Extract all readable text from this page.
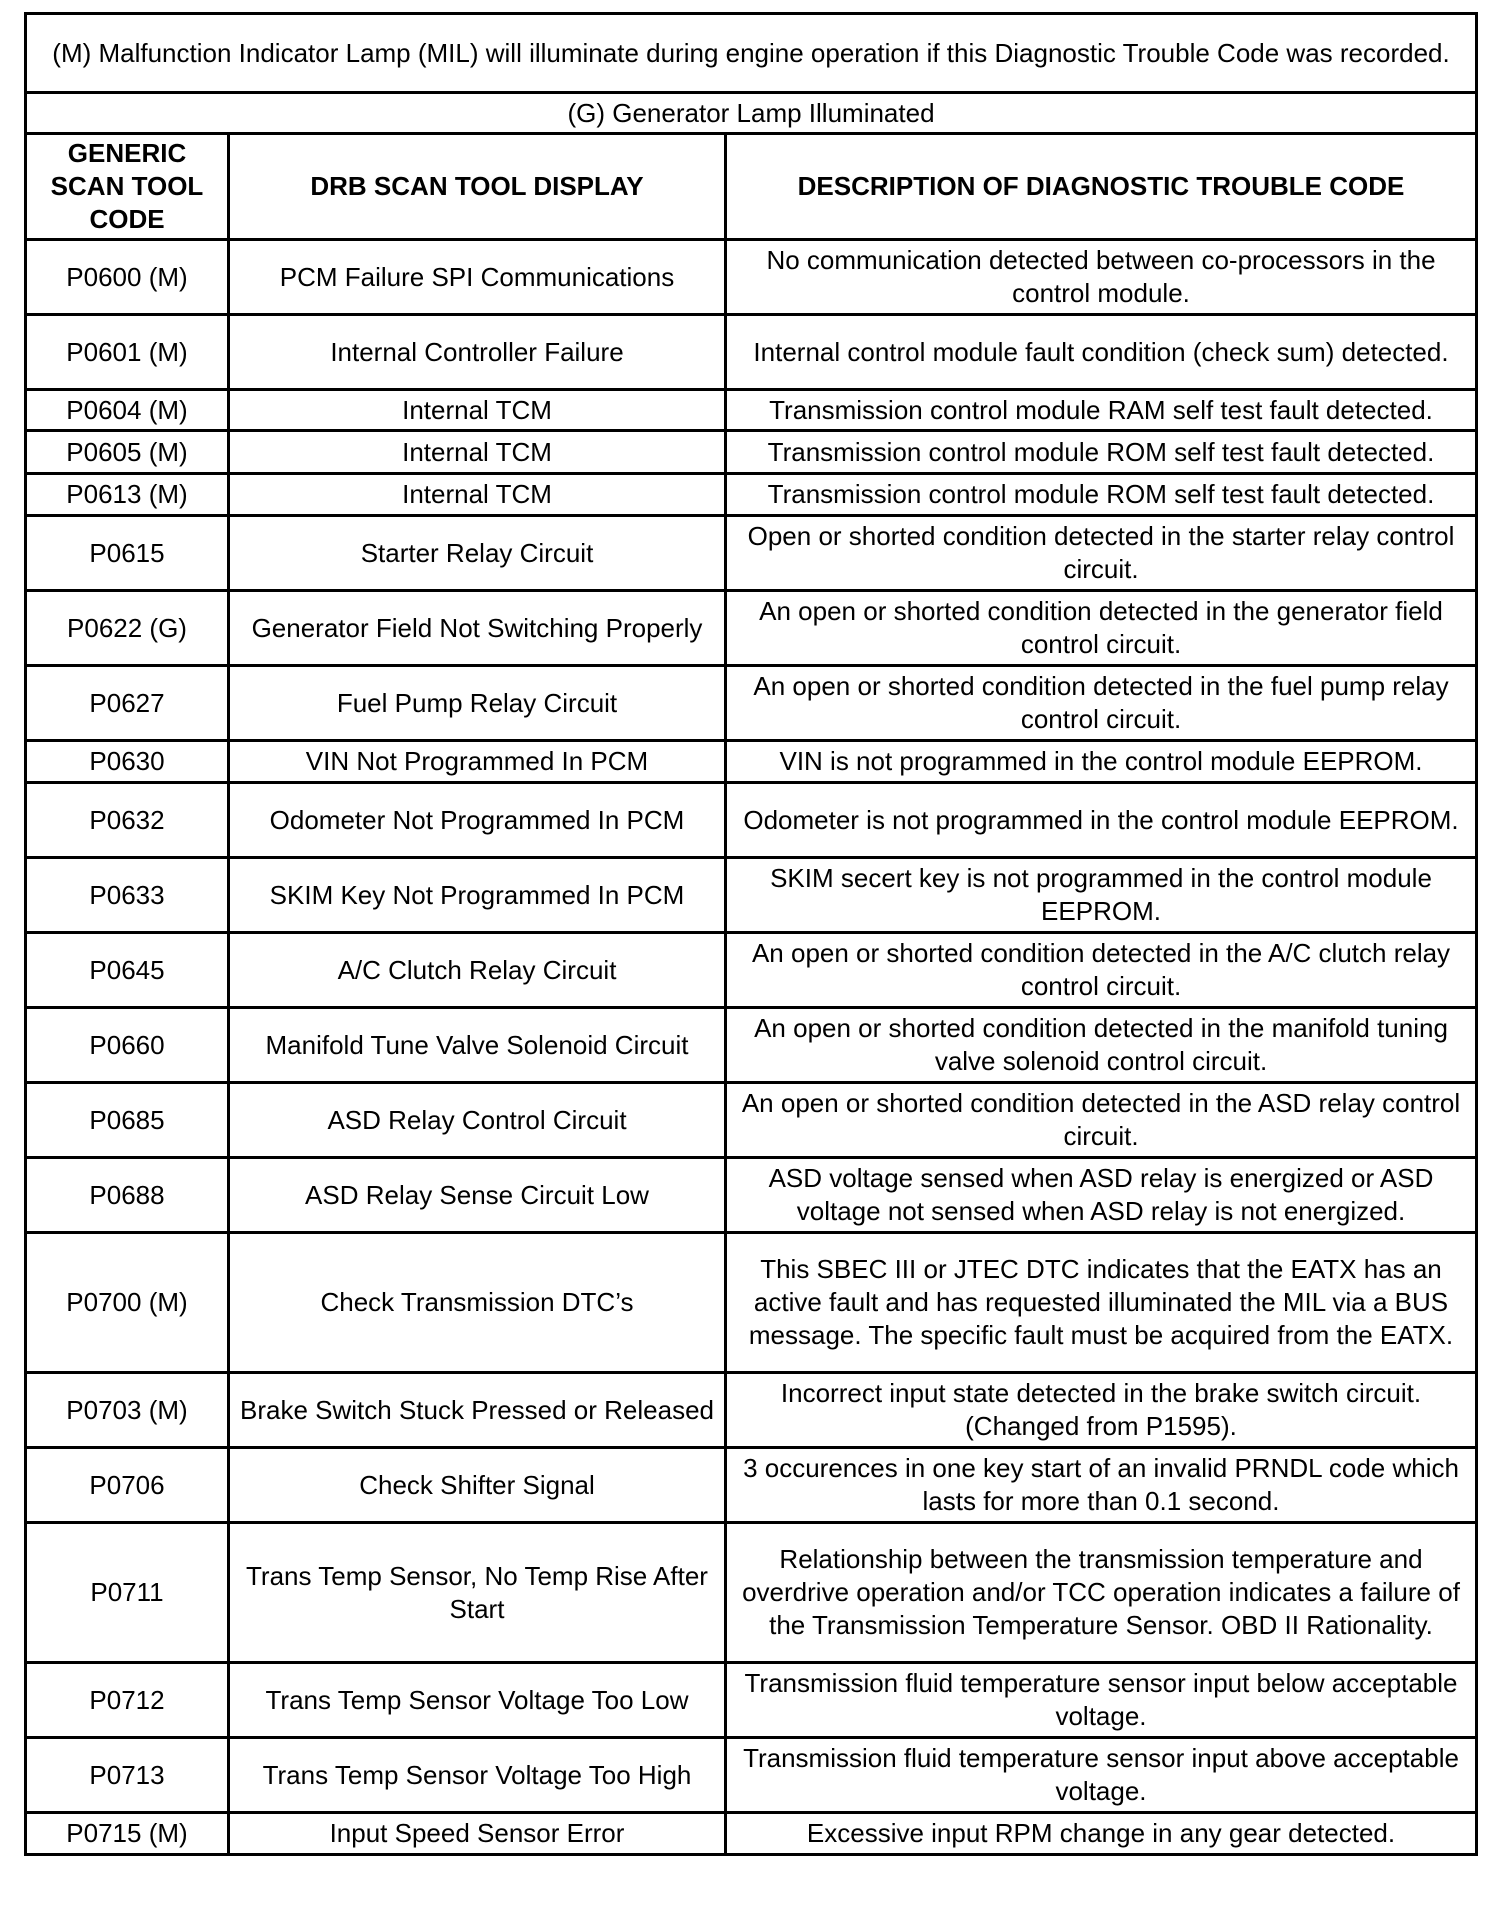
(M) Malfunction Indicator Lamp (MIL) will illuminate during engine operation if this Diagnostic Trouble Code was recorded.		
(G) Generator Lamp Illuminated		
GENERIC SCAN TOOL CODE	DRB SCAN TOOL DISPLAY	DESCRIPTION OF DIAGNOSTIC TROUBLE CODE
P0600 (M)	PCM Failure SPI Communications	No communication detected between co-processors in the control module.
P0601 (M)	Internal Controller Failure	Internal control module fault condition (check sum) detected.
P0604 (M)	Internal TCM	Transmission control module RAM self test fault detected.
P0605 (M)	Internal TCM	Transmission control module ROM self test fault detected.
P0613 (M)	Internal TCM	Transmission control module ROM self test fault detected.
P0615	Starter Relay Circuit	Open or shorted condition detected in the starter relay control circuit.
P0622 (G)	Generator Field Not Switching Properly	An open or shorted condition detected in the generator field control circuit.
P0627	Fuel Pump Relay Circuit	An open or shorted condition detected in the fuel pump relay control circuit.
P0630	VIN Not Programmed In PCM	VIN is not programmed in the control module EEPROM.
P0632	Odometer Not Programmed In PCM	Odometer is not programmed in the control module EEPROM.
P0633	SKIM Key Not Programmed In PCM	SKIM secert key is not programmed in the control module EEPROM.
P0645	A/C Clutch Relay Circuit	An open or shorted condition detected in the A/C clutch relay control circuit.
P0660	Manifold Tune Valve Solenoid Circuit	An open or shorted condition detected in the manifold tuning valve solenoid control circuit.
P0685	ASD Relay Control Circuit	An open or shorted condition detected in the ASD relay control circuit.
P0688	ASD Relay Sense Circuit Low	ASD voltage sensed when ASD relay is energized or ASD voltage not sensed when ASD relay is not energized.
P0700 (M)	Check Transmission DTC’s	This SBEC III or JTEC DTC indicates that the EATX has an active fault and has requested illuminated the MIL via a BUS message. The specific fault must be acquired from the EATX.
P0703 (M)	Brake Switch Stuck Pressed or Released	Incorrect input state detected in the brake switch circuit. (Changed from P1595).
P0706	Check Shifter Signal	3 occurences in one key start of an invalid PRNDL code which lasts for more than 0.1 second.
P0711	Trans Temp Sensor, No Temp Rise After Start	Relationship between the transmission temperature and overdrive operation and/or TCC operation indicates a failure of the Transmission Temperature Sensor. OBD II Rationality.
P0712	Trans Temp Sensor Voltage Too Low	Transmission fluid temperature sensor input below acceptable voltage.
P0713	Trans Temp Sensor Voltage Too High	Transmission fluid temperature sensor input above acceptable voltage.
P0715 (M)	Input Speed Sensor Error	Excessive input RPM change in any gear detected.
